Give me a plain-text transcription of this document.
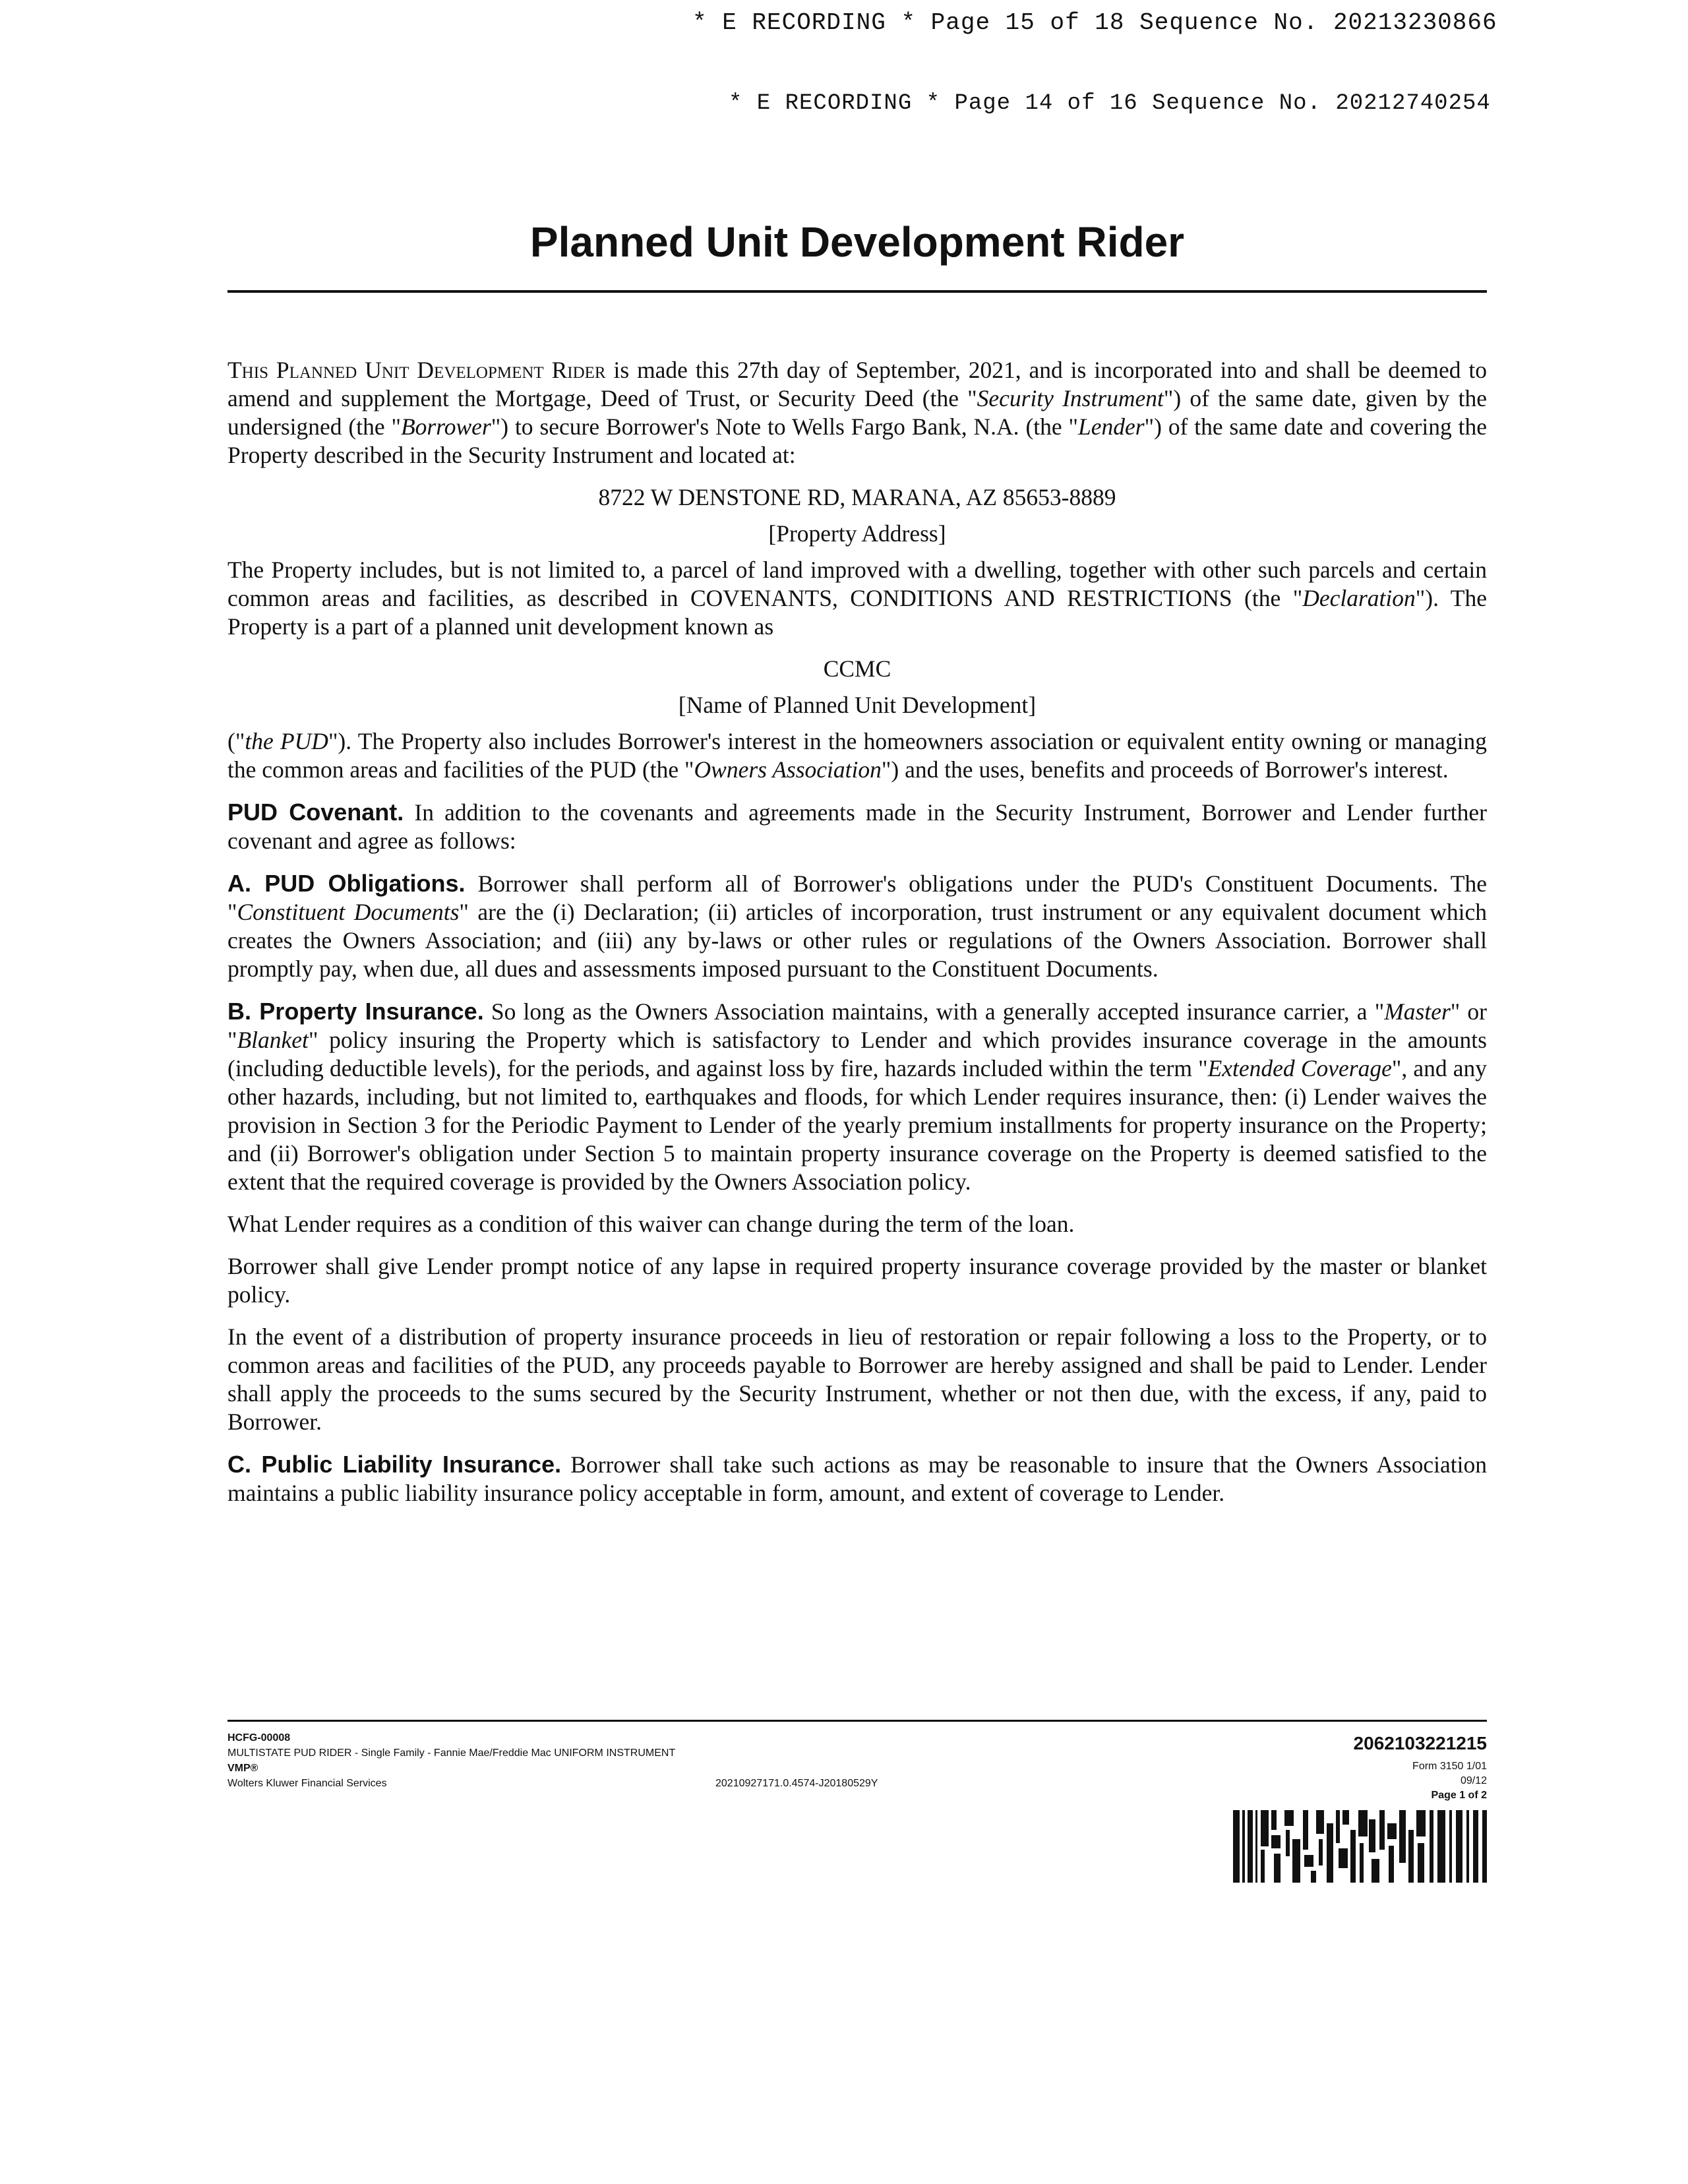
* E RECORDING * Page 15 of 18 Sequence No. 20213230866
* E RECORDING * Page 14 of 16 Sequence No. 20212740254
Planned Unit Development Rider

This Planned Unit Development Rider is made this 27th day of September, 2021, and is incorporated into and shall be deemed to amend and supplement the Mortgage, Deed of Trust, or Security Deed (the "Security Instrument") of the same date, given by the undersigned (the "Borrower") to secure Borrower's Note to Wells Fargo Bank, N.A. (the "Lender") of the same date and covering the Property described in the Security Instrument and located at:

8722 W DENSTONE RD, MARANA, AZ 85653-8889

[Property Address]

The Property includes, but is not limited to, a parcel of land improved with a dwelling, together with other such parcels and certain common areas and facilities, as described in COVENANTS, CONDITIONS AND RESTRICTIONS (the "Declaration"). The Property is a part of a planned unit development known as

CCMC

[Name of Planned Unit Development]

("the PUD"). The Property also includes Borrower's interest in the homeowners association or equivalent entity owning or managing the common areas and facilities of the PUD (the "Owners Association") and the uses, benefits and proceeds of Borrower's interest.

PUD Covenant. In addition to the covenants and agreements made in the Security Instrument, Borrower and Lender further covenant and agree as follows:

A. PUD Obligations. Borrower shall perform all of Borrower's obligations under the PUD's Constituent Documents. The "Constituent Documents" are the (i) Declaration; (ii) articles of incorporation, trust instrument or any equivalent document which creates the Owners Association; and (iii) any by-laws or other rules or regulations of the Owners Association. Borrower shall promptly pay, when due, all dues and assessments imposed pursuant to the Constituent Documents.

B. Property Insurance. So long as the Owners Association maintains, with a generally accepted insurance carrier, a "Master" or "Blanket" policy insuring the Property which is satisfactory to Lender and which provides insurance coverage in the amounts (including deductible levels), for the periods, and against loss by fire, hazards included within the term "Extended Coverage", and any other hazards, including, but not limited to, earthquakes and floods, for which Lender requires insurance, then: (i) Lender waives the provision in Section 3 for the Periodic Payment to Lender of the yearly premium installments for property insurance on the Property; and (ii) Borrower's obligation under Section 5 to maintain property insurance coverage on the Property is deemed satisfied to the extent that the required coverage is provided by the Owners Association policy.

What Lender requires as a condition of this waiver can change during the term of the loan.

Borrower shall give Lender prompt notice of any lapse in required property insurance coverage provided by the master or blanket policy.

In the event of a distribution of property insurance proceeds in lieu of restoration or repair following a loss to the Property, or to common areas and facilities of the PUD, any proceeds payable to Borrower are hereby assigned and shall be paid to Lender. Lender shall apply the proceeds to the sums secured by the Security Instrument, whether or not then due, with the excess, if any, paid to Borrower.

C. Public Liability Insurance. Borrower shall take such actions as may be reasonable to insure that the Owners Association maintains a public liability insurance policy acceptable in form, amount, and extent of coverage to Lender.

HCFG-00008
MULTISTATE PUD RIDER - Single Family - Fannie Mae/Freddie Mac UNIFORM INSTRUMENT
VMP®
Wolters Kluwer Financial Services	20210927171.0.4574-J20180529Y
2062103221215
Form 3150 1/01
09/12
Page 1 of 2
